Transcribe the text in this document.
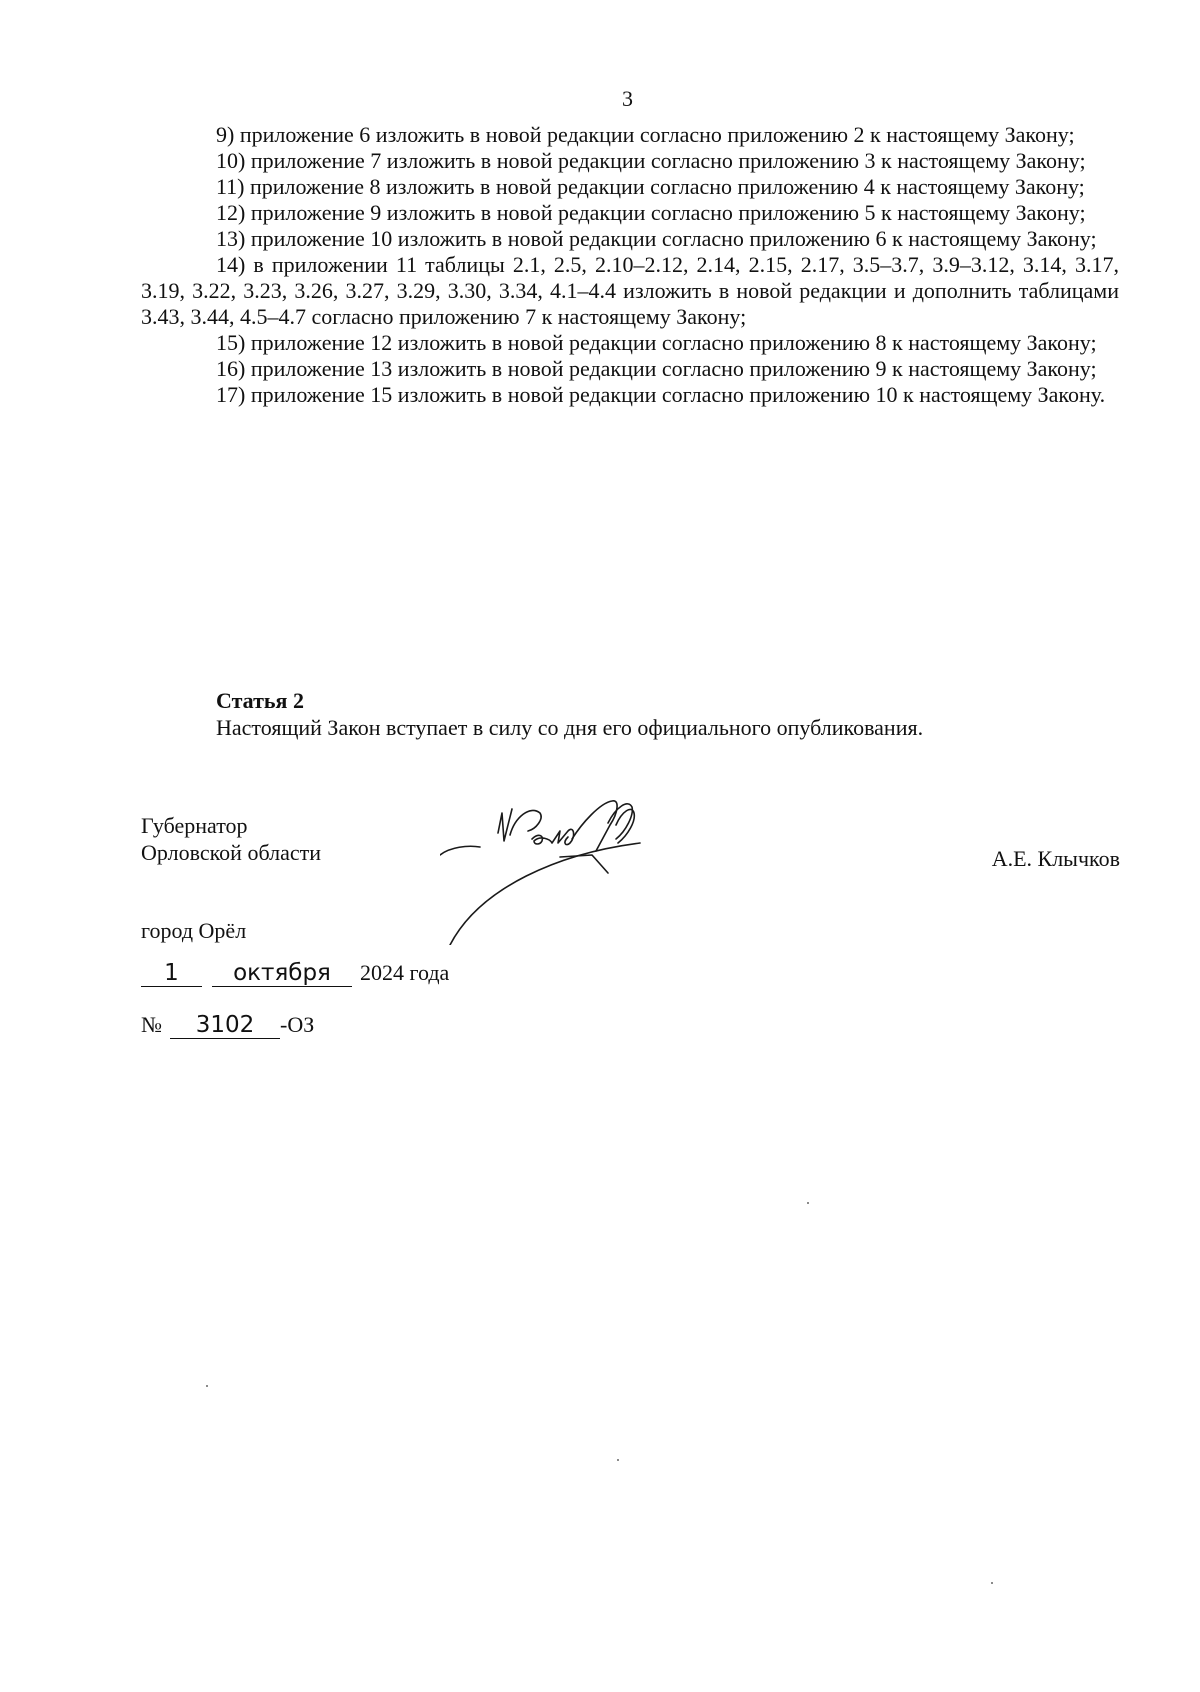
3

9) приложение 6 изложить в новой редакции согласно приложению 2 к настоящему Закону;

10) приложение 7 изложить в новой редакции согласно приложению 3 к настоящему Закону;

11) приложение 8 изложить в новой редакции согласно приложению 4 к настоящему Закону;

12) приложение 9 изложить в новой редакции согласно приложению 5 к настоящему Закону;

13) приложение 10 изложить в новой редакции согласно приложению 6 к настоящему Закону;

14) в приложении 11 таблицы 2.1, 2.5, 2.10–2.12, 2.14, 2.15, 2.17, 3.5–3.7, 3.9–3.12, 3.14, 3.17, 3.19, 3.22, 3.23, 3.26, 3.27, 3.29, 3.30, 3.34, 4.1–4.4 изложить в новой редакции и дополнить таблицами 3.43, 3.44, 4.5–4.7 согласно приложению 7 к настоящему Закону;

15) приложение 12 изложить в новой редакции согласно приложению 8 к настоящему Закону;

16) приложение 13 изложить в новой редакции согласно приложению 9 к настоящему Закону;

17) приложение 15 изложить в новой редакции согласно приложению 10 к настоящему Закону.

Статья 2
Настоящий Закон вступает в силу со дня его официального опубликования.
Губернатор
Орловской области	А.Е. Клычков
город Орёл
1 октября 2024 года
№ 3102 -ОЗ
